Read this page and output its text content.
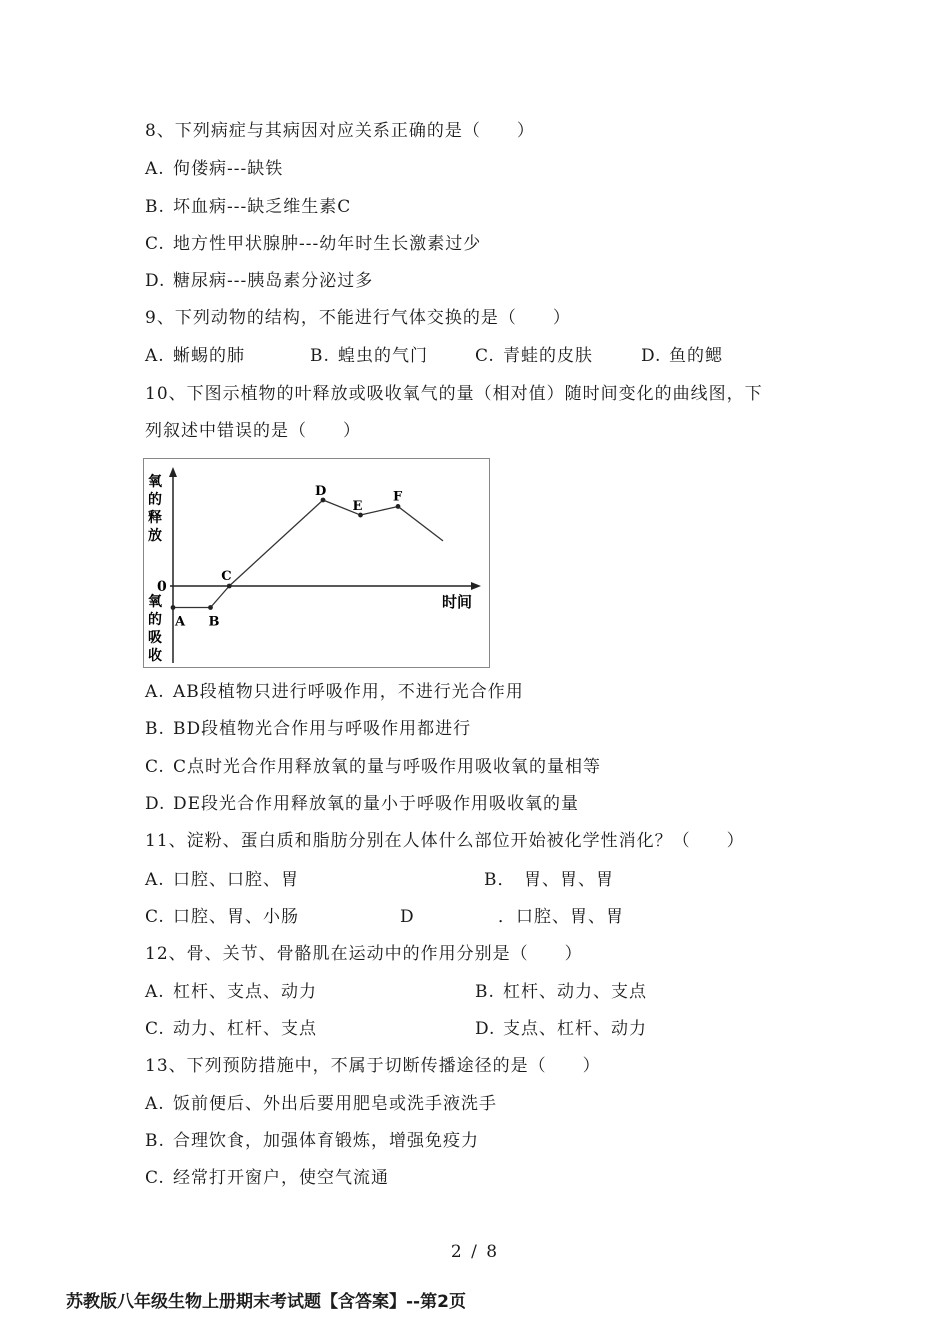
8、下列病症与其病因对应关系正确的是（　　）
A. 佝偻病---缺铁
B. 坏血病---缺乏维生素C
C. 地方性甲状腺肿---幼年时生长激素过少
D. 糖尿病---胰岛素分泌过多
9、下列动物的结构，不能进行气体交换的是（　　）
A. 蜥蜴的肺	B. 蝗虫的气门	C. 青蛙的皮肤	D. 鱼的鳃
10、下图示植物的叶释放或吸收氧气的量（相对值）随时间变化的曲线图，下
列叙述中错误的是（　　）
氧
的
释
放
0
氧
的
吸
收
时间
A B
C
D
E
F
A. AB段植物只进行呼吸作用，不进行光合作用
B. BD段植物光合作用与呼吸作用都进行
C. C点时光合作用释放氧的量与呼吸作用吸收氧的量相等
D. DE段光合作用释放氧的量小于呼吸作用吸收氧的量
11、淀粉、蛋白质和脂肪分别在人体什么部位开始被化学性消化？（　　）
A. 口腔、口腔、胃	B． 胃、胃、胃
C. 口腔、胃、小肠	D	．口腔、胃、胃
12、骨、关节、骨骼肌在运动中的作用分别是（　　）
A. 杠杆、支点、动力	B. 杠杆、动力、支点
C. 动力、杠杆、支点	D. 支点、杠杆、动力
13、下列预防措施中，不属于切断传播途径的是（　　）
A. 饭前便后、外出后要用肥皂或洗手液洗手
B. 合理饮食，加强体育锻炼，增强免疫力
C. 经常打开窗户，使空气流通
2 / 8
苏教版八年级生物上册期末考试题【含答案】--第2页
